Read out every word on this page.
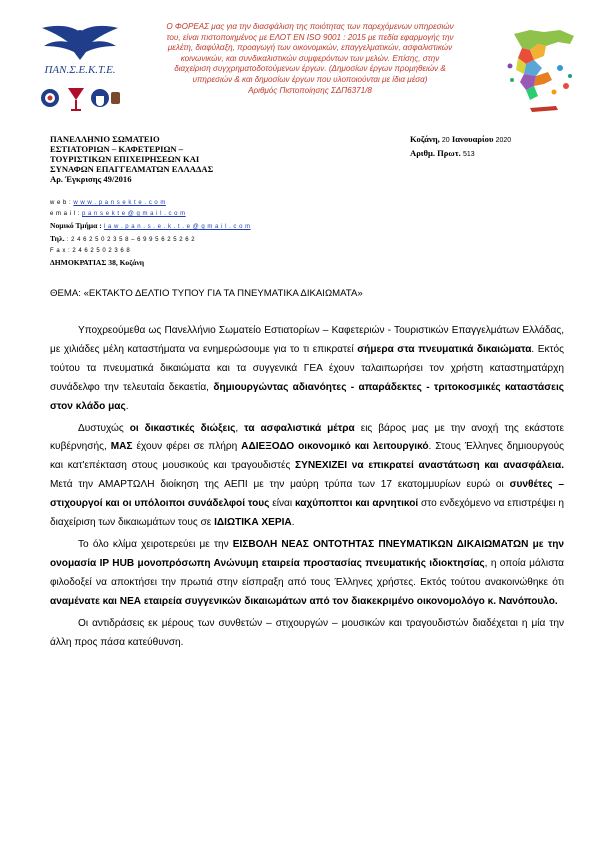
ΠΑΝ.Σ.Ε.Κ.Τ.Ε.
Ο ΦΟΡΕΑΣ μας για την διασφάλιση της ποιότητας των παρεχόμενων υπηρεσιών
του, είναι πιστοποιημένος με ΕΛΟΤ ΕΝ ISO 9001 : 2015 με πεδία εφαρμογής την
μελέτη, διαφύλαξη, προαγωγή των οικονομικών, επαγγελματικών, ασφαλιστικών
κοινωνικών, και συνδικαλιστικών συμφερόντων των μελών. Επίσης, στην
διαχείριση συγχρηματοδοτούμενων έργων. (Δημοσίων έργων προμηθειών &
υπηρεσιών & και δημοσίων έργων που υλοποιούνται με ίδια μέσα)
Αριθμός Πιστοποίησης ΣΔΠ6371/8
ΠΑΝΕΛΛΗΝΙΟ ΣΩΜΑΤΕΙΟ
ΕΣΤΙΑΤΟΡΙΩΝ – ΚΑΦΕΤΕΡΙΩΝ –
ΤΟΥΡΙΣΤΙΚΩΝ ΕΠΙΧΕΙΡΗΣΕΩΝ ΚΑΙ
ΣΥΝΑΦΩΝ ΕΠΑΓΓΕΛΜΑΤΩΝ ΕΛΛΑΔΑΣ
Αρ. Έγκρισης 49/2016
w e b : w w w . p a n s e k t e . c o m
e m a i l : p a n s e k t e @ g m a i l . c o m
Νομικό Τμήμα : l a w . p a n . s . e . k . t . e @ g m a i l . c o m
Τηλ. : 2 4 6 2 5 0 2 3 5 8 – 6 9 9 5 6 2 5 2 6 2
F a x : 2 4 6 2 5 0 2 3 6 8
ΔΗΜΟΚΡΑΤΙΑΣ 38, Κοζάνη
Κοζάνη, 20 Ιανουαρίου 2020
Αριθμ. Πρωτ. 513
ΘΕΜΑ: «ΕΚΤΑΚΤΟ ΔΕΛΤΙΟ ΤΥΠΟΥ ΓΙΑ ΤΑ ΠΝΕΥΜΑΤΙΚΑ ΔΙΚΑΙΩΜΑΤΑ»

Υποχρεούμεθα ως Πανελλήνιο Σωματείο Εστιατορίων – Καφετεριών - Τουριστικών Επαγγελμάτων Ελλάδας, με χιλιάδες μέλη καταστήματα να ενημερώσουμε για το τι επικρατεί σήμερα στα πνευματικά δικαιώματα. Εκτός τούτου τα πνευματικά δικαιώματα και τα συγγενικά ΓΕΑ έχουν ταλαιπωρήσει τον χρήστη καταστηματάρχη συνάδελφο την τελευταία δεκαετία, δημιουργώντας αδιανόητες - απαράδεκτες - τριτοκοσμικές καταστάσεις στον κλάδο μας.

Δυστυχώς οι δικαστικές διώξεις, τα ασφαλιστικά μέτρα εις βάρος μας με την ανοχή της εκάστοτε κυβέρνησής, ΜΑΣ έχουν φέρει σε πλήρη ΑΔΙΕΞΟΔΟ οικονομικό και λειτουργικό. Στους Έλληνες δημιουργούς και κατ'επέκταση στους μουσικούς και τραγουδιστές ΣΥΝΕΧΙΖΕΙ να επικρατεί αναστάτωση και ανασφάλεια. Μετά την ΑΜΑΡΤΩΛΗ διοίκηση της ΑΕΠΙ με την μαύρη τρύπα των 17 εκατομμυρίων ευρώ οι συνθέτες – στιχουργοί και οι υπόλοιποι συνάδελφοί τους είναι καχύποπτοι και αρνητικοί στο ενδεχόμενο να επιστρέψει η διαχείριση των δικαιωμάτων τους σε ΙΔΙΩΤΙΚΑ ΧΕΡΙΑ.

Το όλο κλίμα χειροτερεύει με την ΕΙΣΒΟΛΗ ΝΕΑΣ ΟΝΤΟΤΗΤΑΣ ΠΝΕΥΜΑΤΙΚΩΝ ΔΙΚΑΙΩΜΑΤΩΝ με την ονομασία IP HUB μονοπρόσωπη Ανώνυμη εταιρεία προστασίας πνευματικής ιδιοκτησίας, η οποία μάλιστα φιλοδοξεί να αποκτήσει την πρωτιά στην είσπραξη από τους Έλληνες χρήστες. Εκτός τούτου ανακοινώθηκε ότι αναμένατε και ΝΕΑ εταιρεία συγγενικών δικαιωμάτων από τον διακεκριμένο οικονομολόγο κ. Νανόπουλο.

Οι αντιδράσεις εκ μέρους των συνθετών – στιχουργών – μουσικών και τραγουδιστών διαδέχεται η μία την άλλη προς πάσα κατεύθυνση.
